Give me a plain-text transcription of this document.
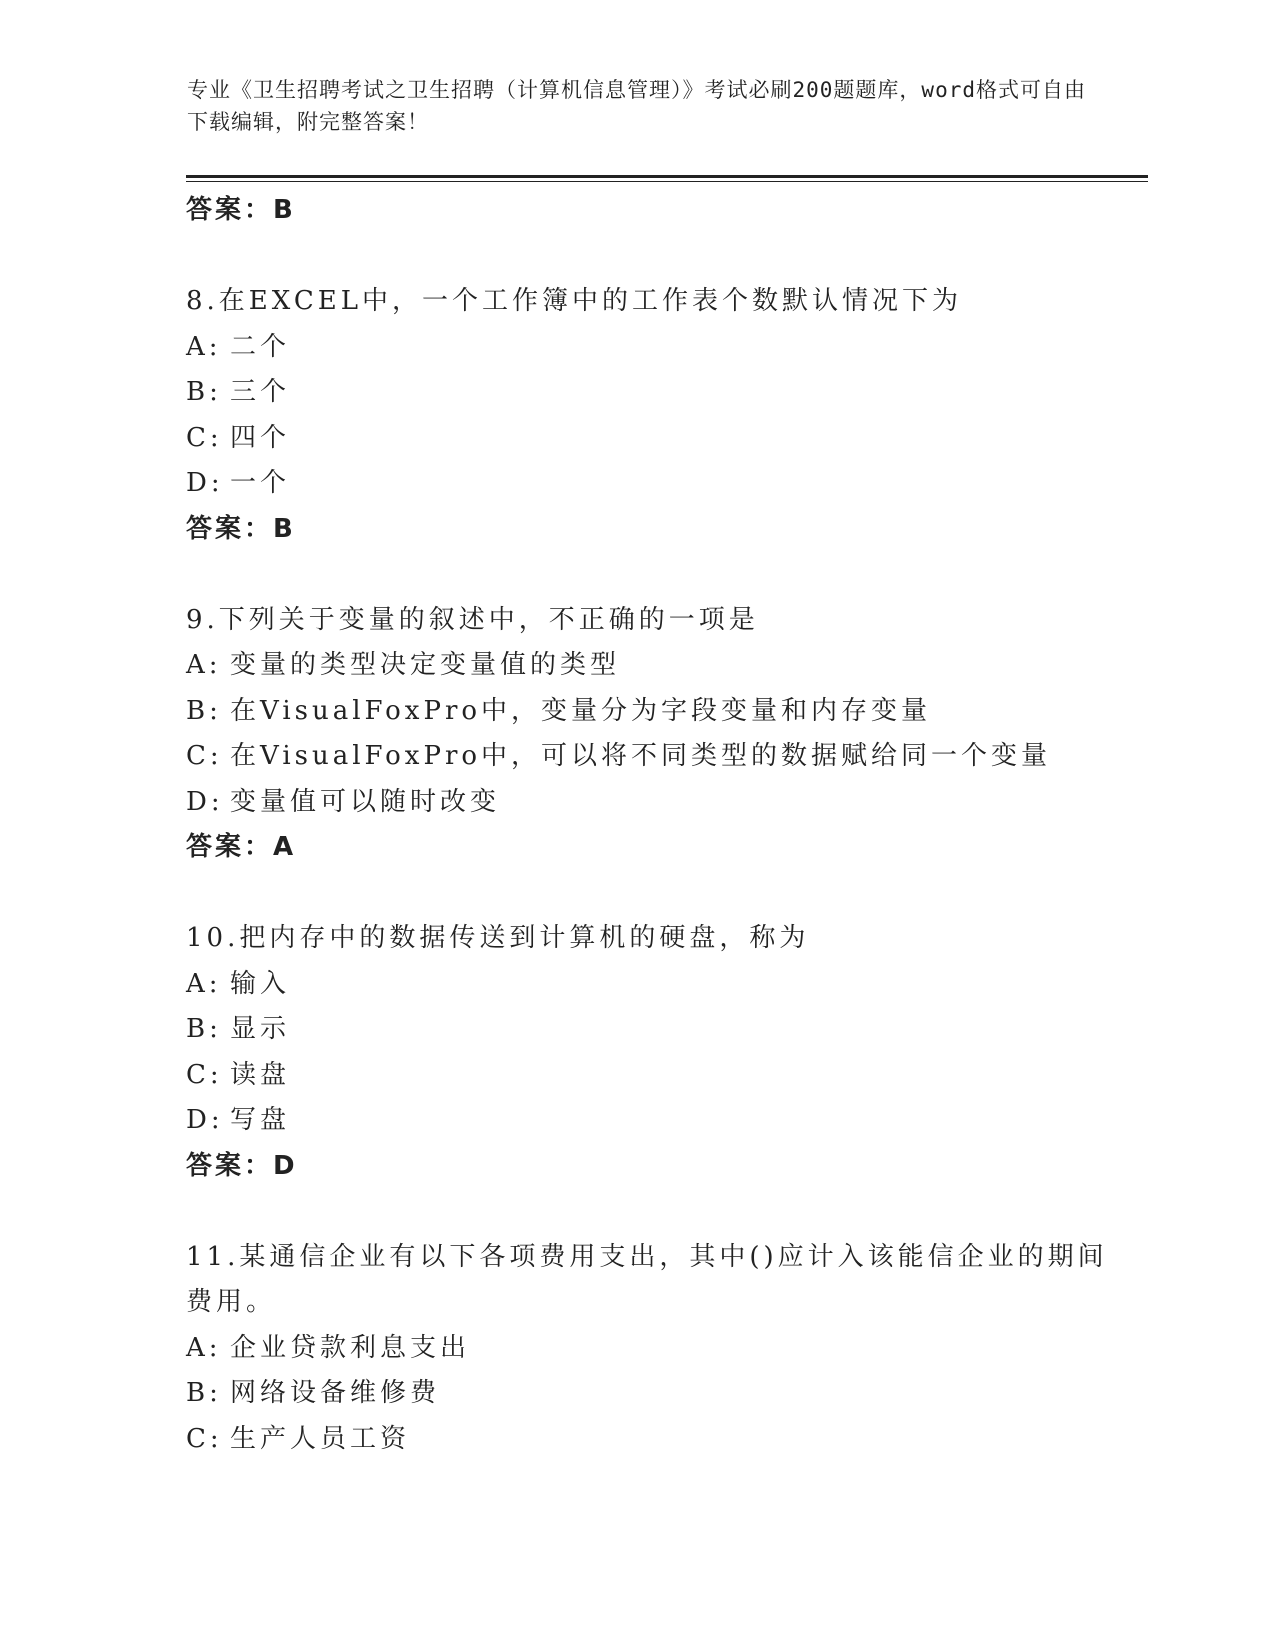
专业《卫生招聘考试之卫生招聘（计算机信息管理）》考试必刷200题题库，word格式可自由下载编辑，附完整答案！
答案：B
8.在EXCEL中，一个工作簿中的工作表个数默认情况下为
A: 二个
B: 三个
C: 四个
D: 一个
答案：B
9.下列关于变量的叙述中，不正确的一项是
A: 变量的类型决定变量值的类型
B: 在VisualFoxPro中，变量分为字段变量和内存变量
C: 在VisualFoxPro中，可以将不同类型的数据赋给同一个变量
D: 变量值可以随时改变
答案：A
10.把内存中的数据传送到计算机的硬盘，称为
A: 输入
B: 显示
C: 读盘
D: 写盘
答案：D
11.某通信企业有以下各项费用支出，其中()应计入该能信企业的期间
费用。
A: 企业贷款利息支出
B: 网络设备维修费
C: 生产人员工资
